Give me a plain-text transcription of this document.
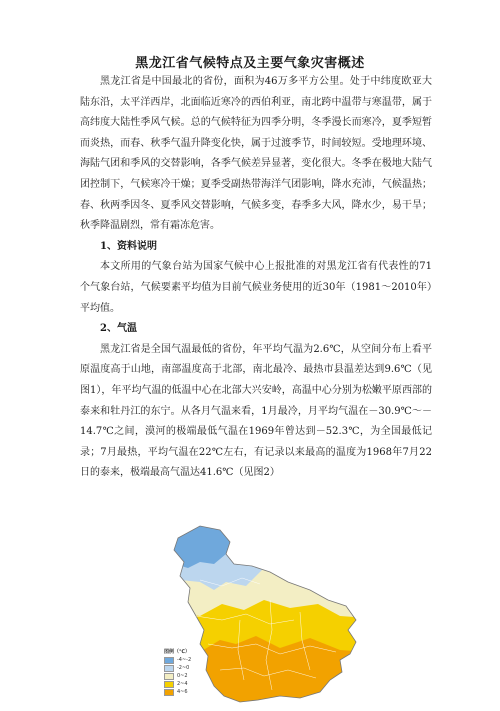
黑龙江省气候特点及主要气象灾害概述

黑龙江省是中国最北的省份，面积为46万多平方公里。处于中纬度欧亚大陆东沿，太平洋西岸，北面临近寒冷的西伯利亚，南北跨中温带与寒温带，属于高纬度大陆性季风气候。总的气候特征为四季分明，冬季漫长而寒冷，夏季短暂而炎热，而春、秋季气温升降变化快，属于过渡季节，时间较短。受地理环境、海陆气团和季风的交替影响，各季气候差异显著，变化很大。冬季在极地大陆气团控制下，气候寒冷干燥；夏季受副热带海洋气团影响，降水充沛，气候温热；春、秋两季因冬、夏季风交替影响，气候多变，春季多大风，降水少，易干旱；秋季降温剧烈，常有霜冻危害。

1、资料说明

本文所用的气象台站为国家气候中心上报批准的对黑龙江省有代表性的71个气象台站，气候要素平均值为目前气候业务使用的近30年（1981～2010年）平均值。

2、气温

黑龙江省是全国气温最低的省份，年平均气温为2.6℃，从空间分布上看平原温度高于山地，南部温度高于北部，南北最冷、最热市县温差达到9.6℃（见图1），年平均气温的低温中心在北部大兴安岭，高温中心分别为松嫩平原西部的泰来和牡丹江的东宁。从各月气温来看，1月最冷，月平均气温在－30.9℃～－14.7℃之间，漠河的极端最低气温在1969年曾达到－52.3℃，为全国最低记录；7月最热，平均气温在22℃左右，有记录以来最高的温度为1968年7月22日的泰来，极端最高气温达41.6℃（见图2）

图例（℃）
-4~-2
-2~0
0~2
2~4
4~6
